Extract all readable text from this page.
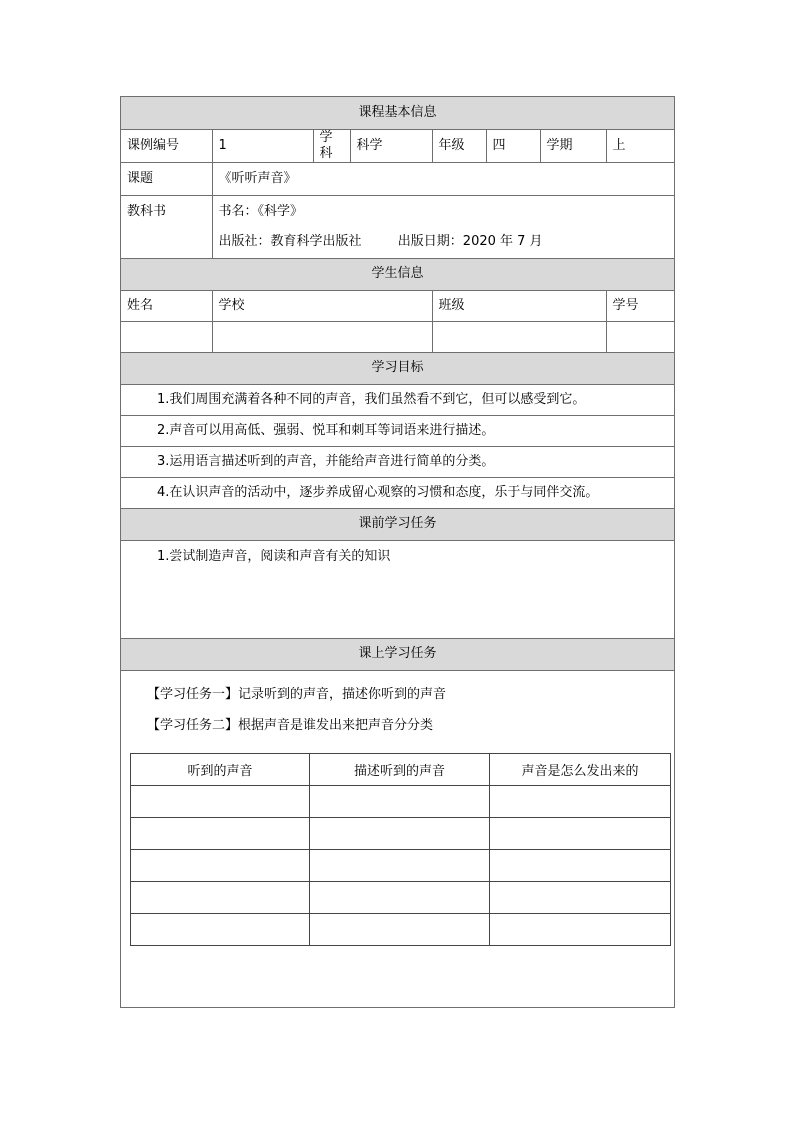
课程基本信息							
课例编号	1	学科	科学	年级	四	学期	上
课题	《听听声音》						
教科书	书名：《科学》
出版社：教育科学出版社 出版日期：2020 年 7 月						

学生信息							
姓名	学校			班级			学号

学习目标							
1.我们周围充满着各种不同的声音，我们虽然看不到它，但可以感受到它。							
2.声音可以用高低、强弱、悦耳和刺耳等词语来进行描述。							
3.运用语言描述听到的声音，并能给声音进行简单的分类。							
4.在认识声音的活动中，逐步养成留心观察的习惯和态度，乐于与同伴交流。							
课前学习任务							
1.尝试制造声音，阅读和声音有关的知识							
课上学习任务							
【学习任务一】记录听到的声音，描述你听到的声音
【学习任务二】根据声音是谁发出来把声音分分类
听到的声音	描述听到的声音	声音是怎么发出来的
